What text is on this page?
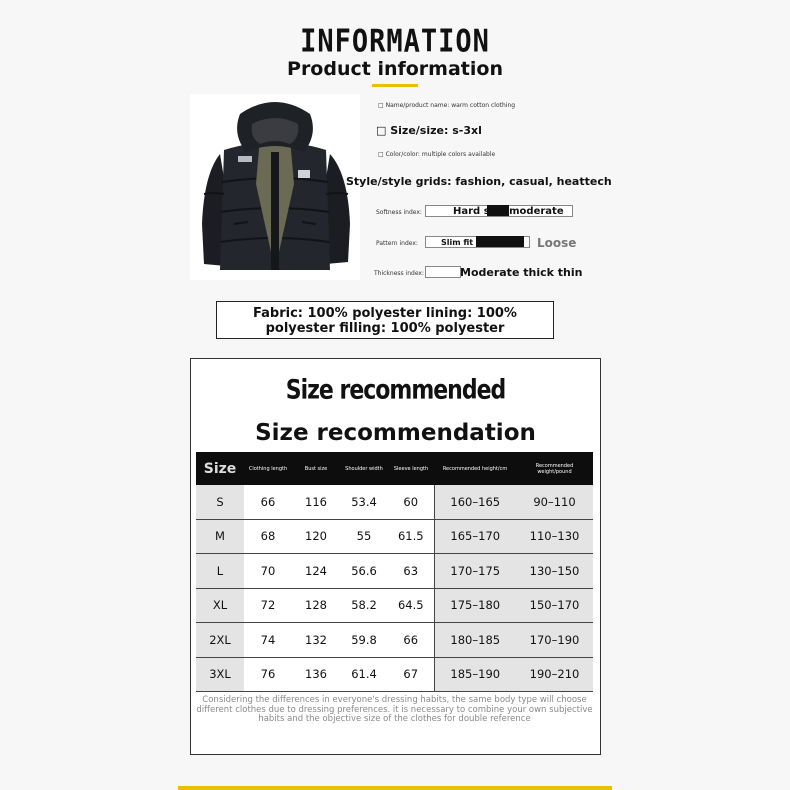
INFORMATION
Product information
□ Name/product name: warm cotton clothing
□ Size/size: s-3xl
□ Color/color: multiple colors available
Style/style grids: fashion, casual, heattech
Softness index:	Hard soft moderate
Pattern index:	Slim fit moderate Loose
Thickness index:	Moderate thick thin
Fabric: 100% polyester lining: 100%
polyester filling: 100% polyester
Size recommended
Size recommendation
Size	Clothing length	Bust size	Shoulder width	Sleeve length	Recommended height/cm	Recommended weight/pound
S	66	116	53.4	60	160–165	90–110
M	68	120	55	61.5	165–170	110–130
L	70	124	56.6	63	170–175	130–150
XL	72	128	58.2	64.5	175–180	150–170
2XL	74	132	59.8	66	180–185	170–190
3XL	76	136	61.4	67	185–190	190–210
Considering the differences in everyone's dressing habits, the same body type will choose different clothes due to dressing preferences. it is necessary to combine your own subjective habits and the objective size of the clothes for double reference
